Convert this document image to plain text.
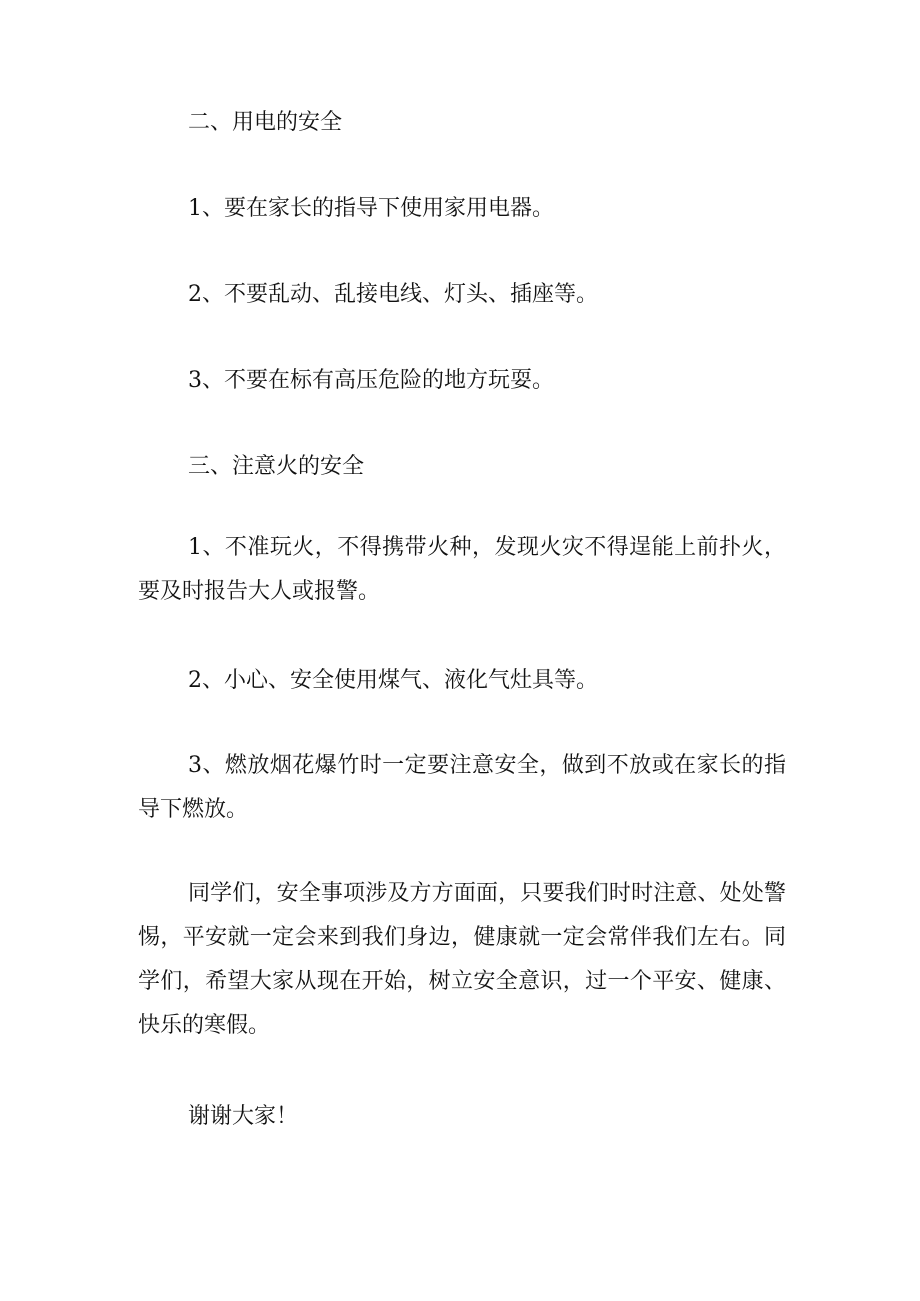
二、用电的安全
1、要在家长的指导下使用家用电器。
2、不要乱动、乱接电线、灯头、插座等。
3、不要在标有高压危险的地方玩耍。
三、注意火的安全
1、不准玩火，不得携带火种，发现火灾不得逞能上前扑火，要及时报告大人或报警。
2、小心、安全使用煤气、液化气灶具等。
3、燃放烟花爆竹时一定要注意安全，做到不放或在家长的指导下燃放。
同学们，安全事项涉及方方面面，只要我们时时注意、处处警惕，平安就一定会来到我们身边，健康就一定会常伴我们左右。同学们，希望大家从现在开始，树立安全意识，过一个平安、健康、快乐的寒假。
谢谢大家！
